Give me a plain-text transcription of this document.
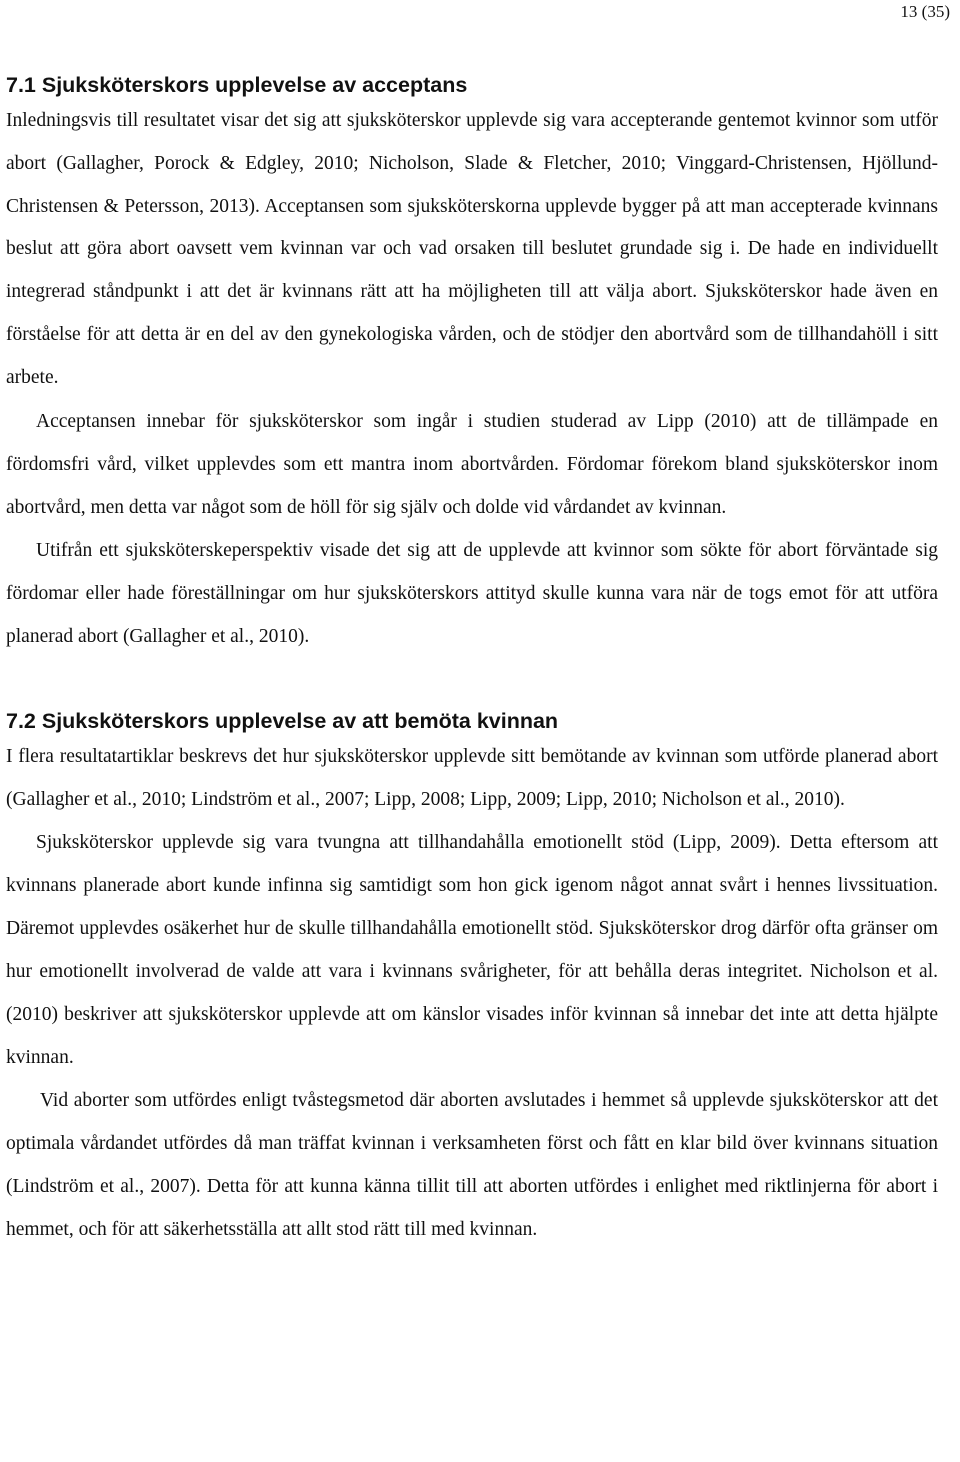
13 (35)
7.1 Sjuksköterskors upplevelse av acceptans

Inledningsvis till resultatet visar det sig att sjuksköterskor upplevde sig vara accepterande gentemot kvinnor som utför abort (Gallagher, Porock & Edgley, 2010; Nicholson, Slade & Fletcher, 2010; Vinggard-Christensen, Hjöllund-Christensen & Petersson, 2013). Acceptansen som sjuksköterskorna upplevde bygger på att man accepterade kvinnans beslut att göra abort oavsett vem kvinnan var och vad orsaken till beslutet grundade sig i. De hade en individuellt integrerad ståndpunkt i att det är kvinnans rätt att ha möjligheten till att välja abort. Sjuksköterskor hade även en förståelse för att detta är en del av den gynekologiska vården, och de stödjer den abortvård som de tillhandahöll i sitt arbete.

Acceptansen innebar för sjuksköterskor som ingår i studien studerad av Lipp (2010) att de tillämpade en fördomsfri vård, vilket upplevdes som ett mantra inom abortvården. Fördomar förekom bland sjuksköterskor inom abortvård, men detta var något som de höll för sig själv och dolde vid vårdandet av kvinnan.

Utifrån ett sjuksköterskeperspektiv visade det sig att de upplevde att kvinnor som sökte för abort förväntade sig fördomar eller hade föreställningar om hur sjuksköterskors attityd skulle kunna vara när de togs emot för att utföra planerad abort (Gallagher et al., 2010).

7.2 Sjuksköterskors upplevelse av att bemöta kvinnan

I flera resultatartiklar beskrevs det hur sjuksköterskor upplevde sitt bemötande av kvinnan som utförde planerad abort (Gallagher et al., 2010; Lindström et al., 2007; Lipp, 2008; Lipp, 2009; Lipp, 2010; Nicholson et al., 2010).

Sjuksköterskor upplevde sig vara tvungna att tillhandahålla emotionellt stöd (Lipp, 2009). Detta eftersom att kvinnans planerade abort kunde infinna sig samtidigt som hon gick igenom något annat svårt i hennes livssituation. Däremot upplevdes osäkerhet hur de skulle tillhandahålla emotionellt stöd. Sjuksköterskor drog därför ofta gränser om hur emotionellt involverad de valde att vara i kvinnans svårigheter, för att behålla deras integritet. Nicholson et al. (2010) beskriver att sjuksköterskor upplevde att om känslor visades inför kvinnan så innebar det inte att detta hjälpte kvinnan.

Vid aborter som utfördes enligt tvåstegsmetod där aborten avslutades i hemmet så upplevde sjuksköterskor att det optimala vårdandet utfördes då man träffat kvinnan i verksamheten först och fått en klar bild över kvinnans situation (Lindström et al., 2007). Detta för att kunna känna tillit till att aborten utfördes i enlighet med riktlinjerna för abort i hemmet, och för att säkerhetsställa att allt stod rätt till med kvinnan.
